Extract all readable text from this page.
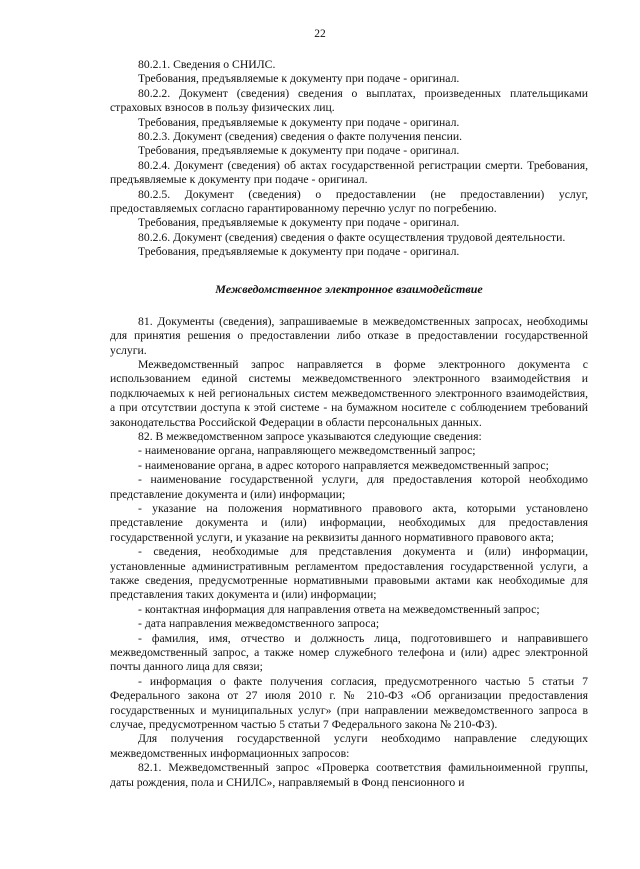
22

80.2.1. Сведения о СНИЛС.

Требования, предъявляемые к документу при подаче - оригинал.

80.2.2. Документ (сведения) сведения о выплатах, произведенных плательщиками страховых взносов в пользу физических лиц.

Требования, предъявляемые к документу при подаче - оригинал.

80.2.3. Документ (сведения) сведения о факте получения пенсии.

Требования, предъявляемые к документу при подаче - оригинал.

80.2.4. Документ (сведения) об актах государственной регистрации смерти. Требования, предъявляемые к документу при подаче - оригинал.

80.2.5. Документ (сведения) о предоставлении (не предоставлении) услуг, предоставляемых согласно гарантированному перечню услуг по погребению.

Требования, предъявляемые к документу при подаче - оригинал.

80.2.6. Документ (сведения) сведения о факте осуществления трудовой деятельности.

Требования, предъявляемые к документу при подаче - оригинал.

Межведомственное электронное взаимодействие

81. Документы (сведения), запрашиваемые в межведомственных запросах, необходимы для принятия решения о предоставлении либо отказе в предоставлении государственной услуги.

Межведомственный запрос направляется в форме электронного документа с использованием единой системы межведомственного электронного взаимодействия и подключаемых к ней региональных систем межведомственного электронного взаимодействия, а при отсутствии доступа к этой системе - на бумажном носителе с соблюдением требований законодательства Российской Федерации в области персональных данных.

82. В межведомственном запросе указываются следующие сведения:

- наименование органа, направляющего межведомственный запрос;

- наименование органа, в адрес которого направляется межведомственный запрос;

- наименование государственной услуги, для предоставления которой необходимо представление документа и (или) информации;

- указание на положения нормативного правового акта, которыми установлено представление документа и (или) информации, необходимых для предоставления государственной услуги, и указание на реквизиты данного нормативного правового акта;

- сведения, необходимые для представления документа и (или) информации, установленные административным регламентом предоставления государственной услуги, а также сведения, предусмотренные нормативными правовыми актами как необходимые для представления таких документа и (или) информации;

- контактная информация для направления ответа на межведомственный запрос;

- дата направления межведомственного запроса;

- фамилия, имя, отчество и должность лица, подготовившего и направившего межведомственный запрос, а также номер служебного телефона и (или) адрес электронной почты данного лица для связи;

- информация о факте получения согласия, предусмотренного частью 5 статьи 7 Федерального закона от 27 июля 2010 г. № 210-ФЗ «Об организации предоставления государственных и муниципальных услуг» (при направлении межведомственного запроса в случае, предусмотренном частью 5 статьи 7 Федерального закона № 210-ФЗ).

Для получения государственной услуги необходимо направление следующих межведомственных информационных запросов:

82.1. Межведомственный запрос «Проверка соответствия фамильноименной группы, даты рождения, пола и СНИЛС», направляемый в Фонд пенсионного и
